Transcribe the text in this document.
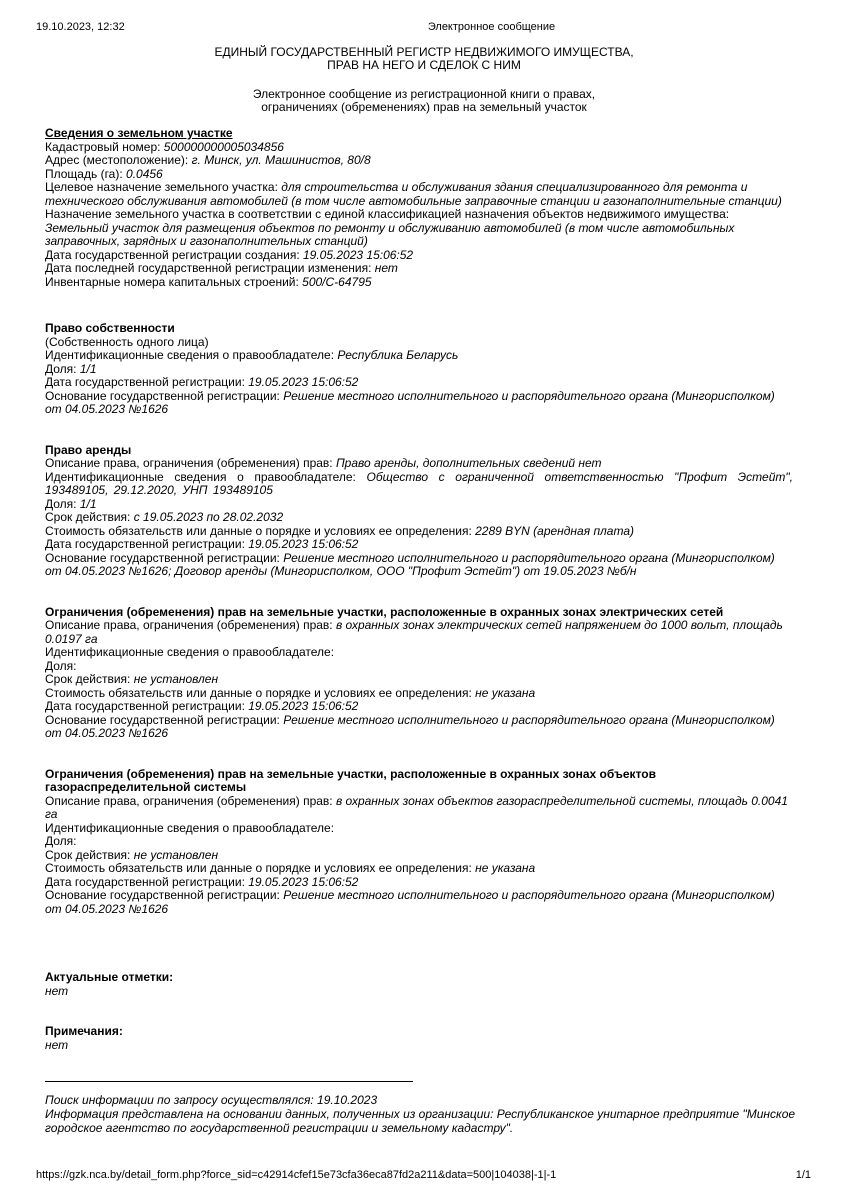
19.10.2023, 12:32	Электронное сообщение
ЕДИНЫЙ ГОСУДАРСТВЕННЫЙ РЕГИСТР НЕДВИЖИМОГО ИМУЩЕСТВА,
ПРАВ НА НЕГО И СДЕЛОК С НИМ
Электронное сообщение из регистрационной книги о правах,
ограничениях (обременениях) прав на земельный участок

Сведения о земельном участке

Кадастровый номер: 500000000005034856

Адрес (местоположение): г. Минск, ул. Машинистов, 80/8

Площадь (га): 0.0456

Целевое назначение земельного участка: для строительства и обслуживания здания специализированного для ремонта и технического обслуживания автомобилей (в том числе автомобильные заправочные станции и газонаполнительные станции)

Назначение земельного участка в соответствии с единой классификацией назначения объектов недвижимого имущества:
Земельный участок для размещения объектов по ремонту и обслуживанию автомобилей (в том числе автомобильных заправочных, зарядных и газонаполнительных станций)

Дата государственной регистрации создания: 19.05.2023 15:06:52

Дата последней государственной регистрации изменения: нет

Инвентарные номера капитальных строений: 500/C-64795

Право собственности

(Собственность одного лица)

Идентификационные сведения о правообладателе: Республика Беларусь

Доля: 1/1

Дата государственной регистрации: 19.05.2023 15:06:52

Основание государственной регистрации: Решение местного исполнительного и распорядительного органа (Мингорисполком) от 04.05.2023 №1626

Право аренды

Описание права, ограничения (обременения) прав: Право аренды, дополнительных сведений нет

Идентификационные сведения о правообладателе: Общество с ограниченной ответственностью "Профит Эстейт", 193489105, 29.12.2020, УНП 193489105

Доля: 1/1

Срок действия: с 19.05.2023 по 28.02.2032

Стоимость обязательств или данные о порядке и условиях ее определения: 2289 BYN (арендная плата)

Дата государственной регистрации: 19.05.2023 15:06:52

Основание государственной регистрации: Решение местного исполнительного и распорядительного органа (Мингорисполком) от 04.05.2023 №1626; Договор аренды (Мингорисполком, ООО "Профит Эстейт") от 19.05.2023 №б/н

Ограничения (обременения) прав на земельные участки, расположенные в охранных зонах электрических сетей

Описание права, ограничения (обременения) прав: в охранных зонах электрических сетей напряжением до 1000 вольт, площадь 0.0197 га

Идентификационные сведения о правообладателе:

Доля:

Срок действия: не установлен

Стоимость обязательств или данные о порядке и условиях ее определения: не указана

Дата государственной регистрации: 19.05.2023 15:06:52

Основание государственной регистрации: Решение местного исполнительного и распорядительного органа (Мингорисполком) от 04.05.2023 №1626

Ограничения (обременения) прав на земельные участки, расположенные в охранных зонах объектов газораспределительной системы

Описание права, ограничения (обременения) прав: в охранных зонах объектов газораспределительной системы, площадь 0.0041 га

Идентификационные сведения о правообладателе:

Доля:

Срок действия: не установлен

Стоимость обязательств или данные о порядке и условиях ее определения: не указана

Дата государственной регистрации: 19.05.2023 15:06:52

Основание государственной регистрации: Решение местного исполнительного и распорядительного органа (Мингорисполком) от 04.05.2023 №1626

Актуальные отметки:

нет

Примечания:

нет

Поиск информации по запросу осуществлялся: 19.10.2023

Информация представлена на основании данных, полученных из организации: Республиканское унитарное предприятие "Минское городское агентство по государственной регистрации и земельному кадастру".

https://gzk.nca.by/detail_form.php?force_sid=c42914cfef15e73cfa36eca87fd2a211&data=500|104038|-1|-1	1/1
